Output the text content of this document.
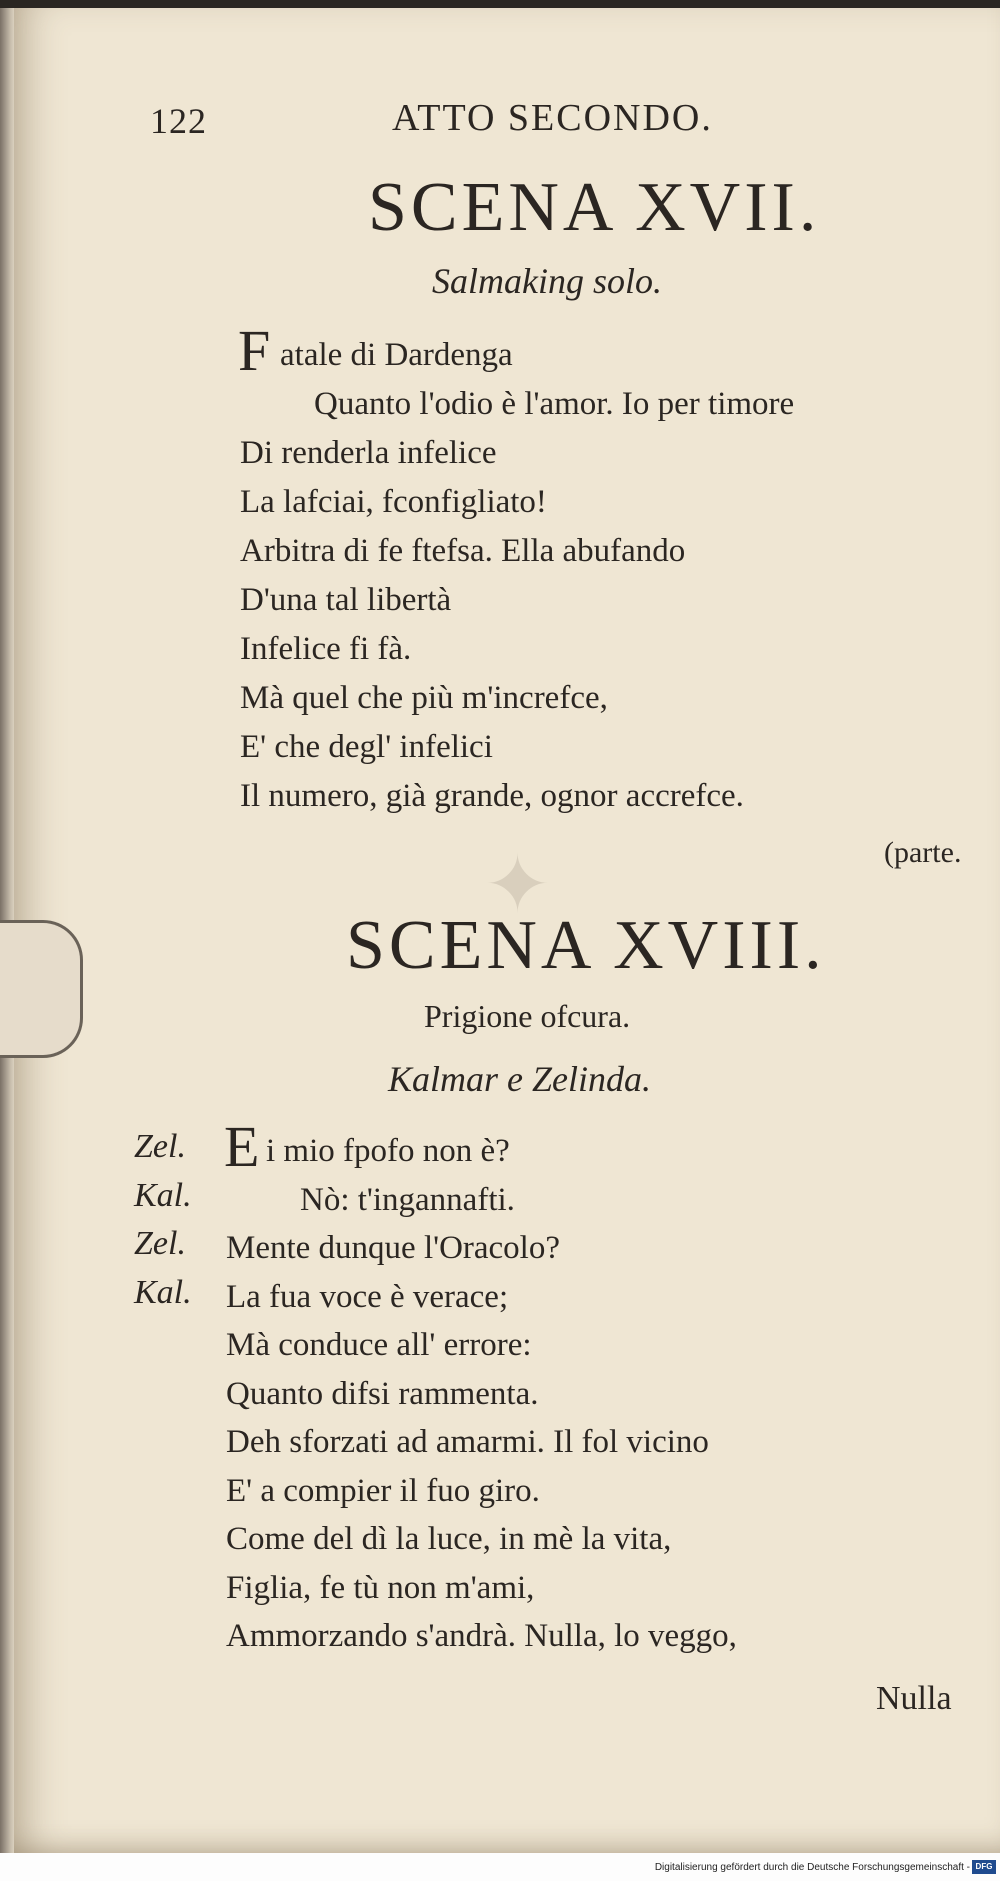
✦
122	ATTO SECONDO.
SCENA XVII.
Salmaking solo.
F atale di Dardenga
Quanto l'odio è l'amor. Io per timore
Di renderla infelice
La lafciai, fconfigliato!
Arbitra di fe ftefsa. Ella abufando
D'una tal libertà
Infelice fi fà.
Mà quel che più m'increfce,
E' che degl' infelici
Il numero, già grande, ognor accrefce.
(parte.
SCENA XVIII.
Prigione ofcura.
Kalmar e Zelinda.
Zel. E i mio fpofo non è?
Kal.	Nò: t'ingannafti.
Zel. Mente dunque l'Oracolo?
Kal. La fua voce è verace;
Mà conduce all' errore:
Quanto difsi rammenta.
Deh sforzati ad amarmi. Il fol vicino
E' a compier il fuo giro.
Come del dì la luce, in mè la vita,
Figlia, fe tù non m'ami,
Ammorzando s'andrà. Nulla, lo veggo,
Nulla
Digitalisierung gefördert durch die Deutsche Forschungsgemeinschaft - DFG
